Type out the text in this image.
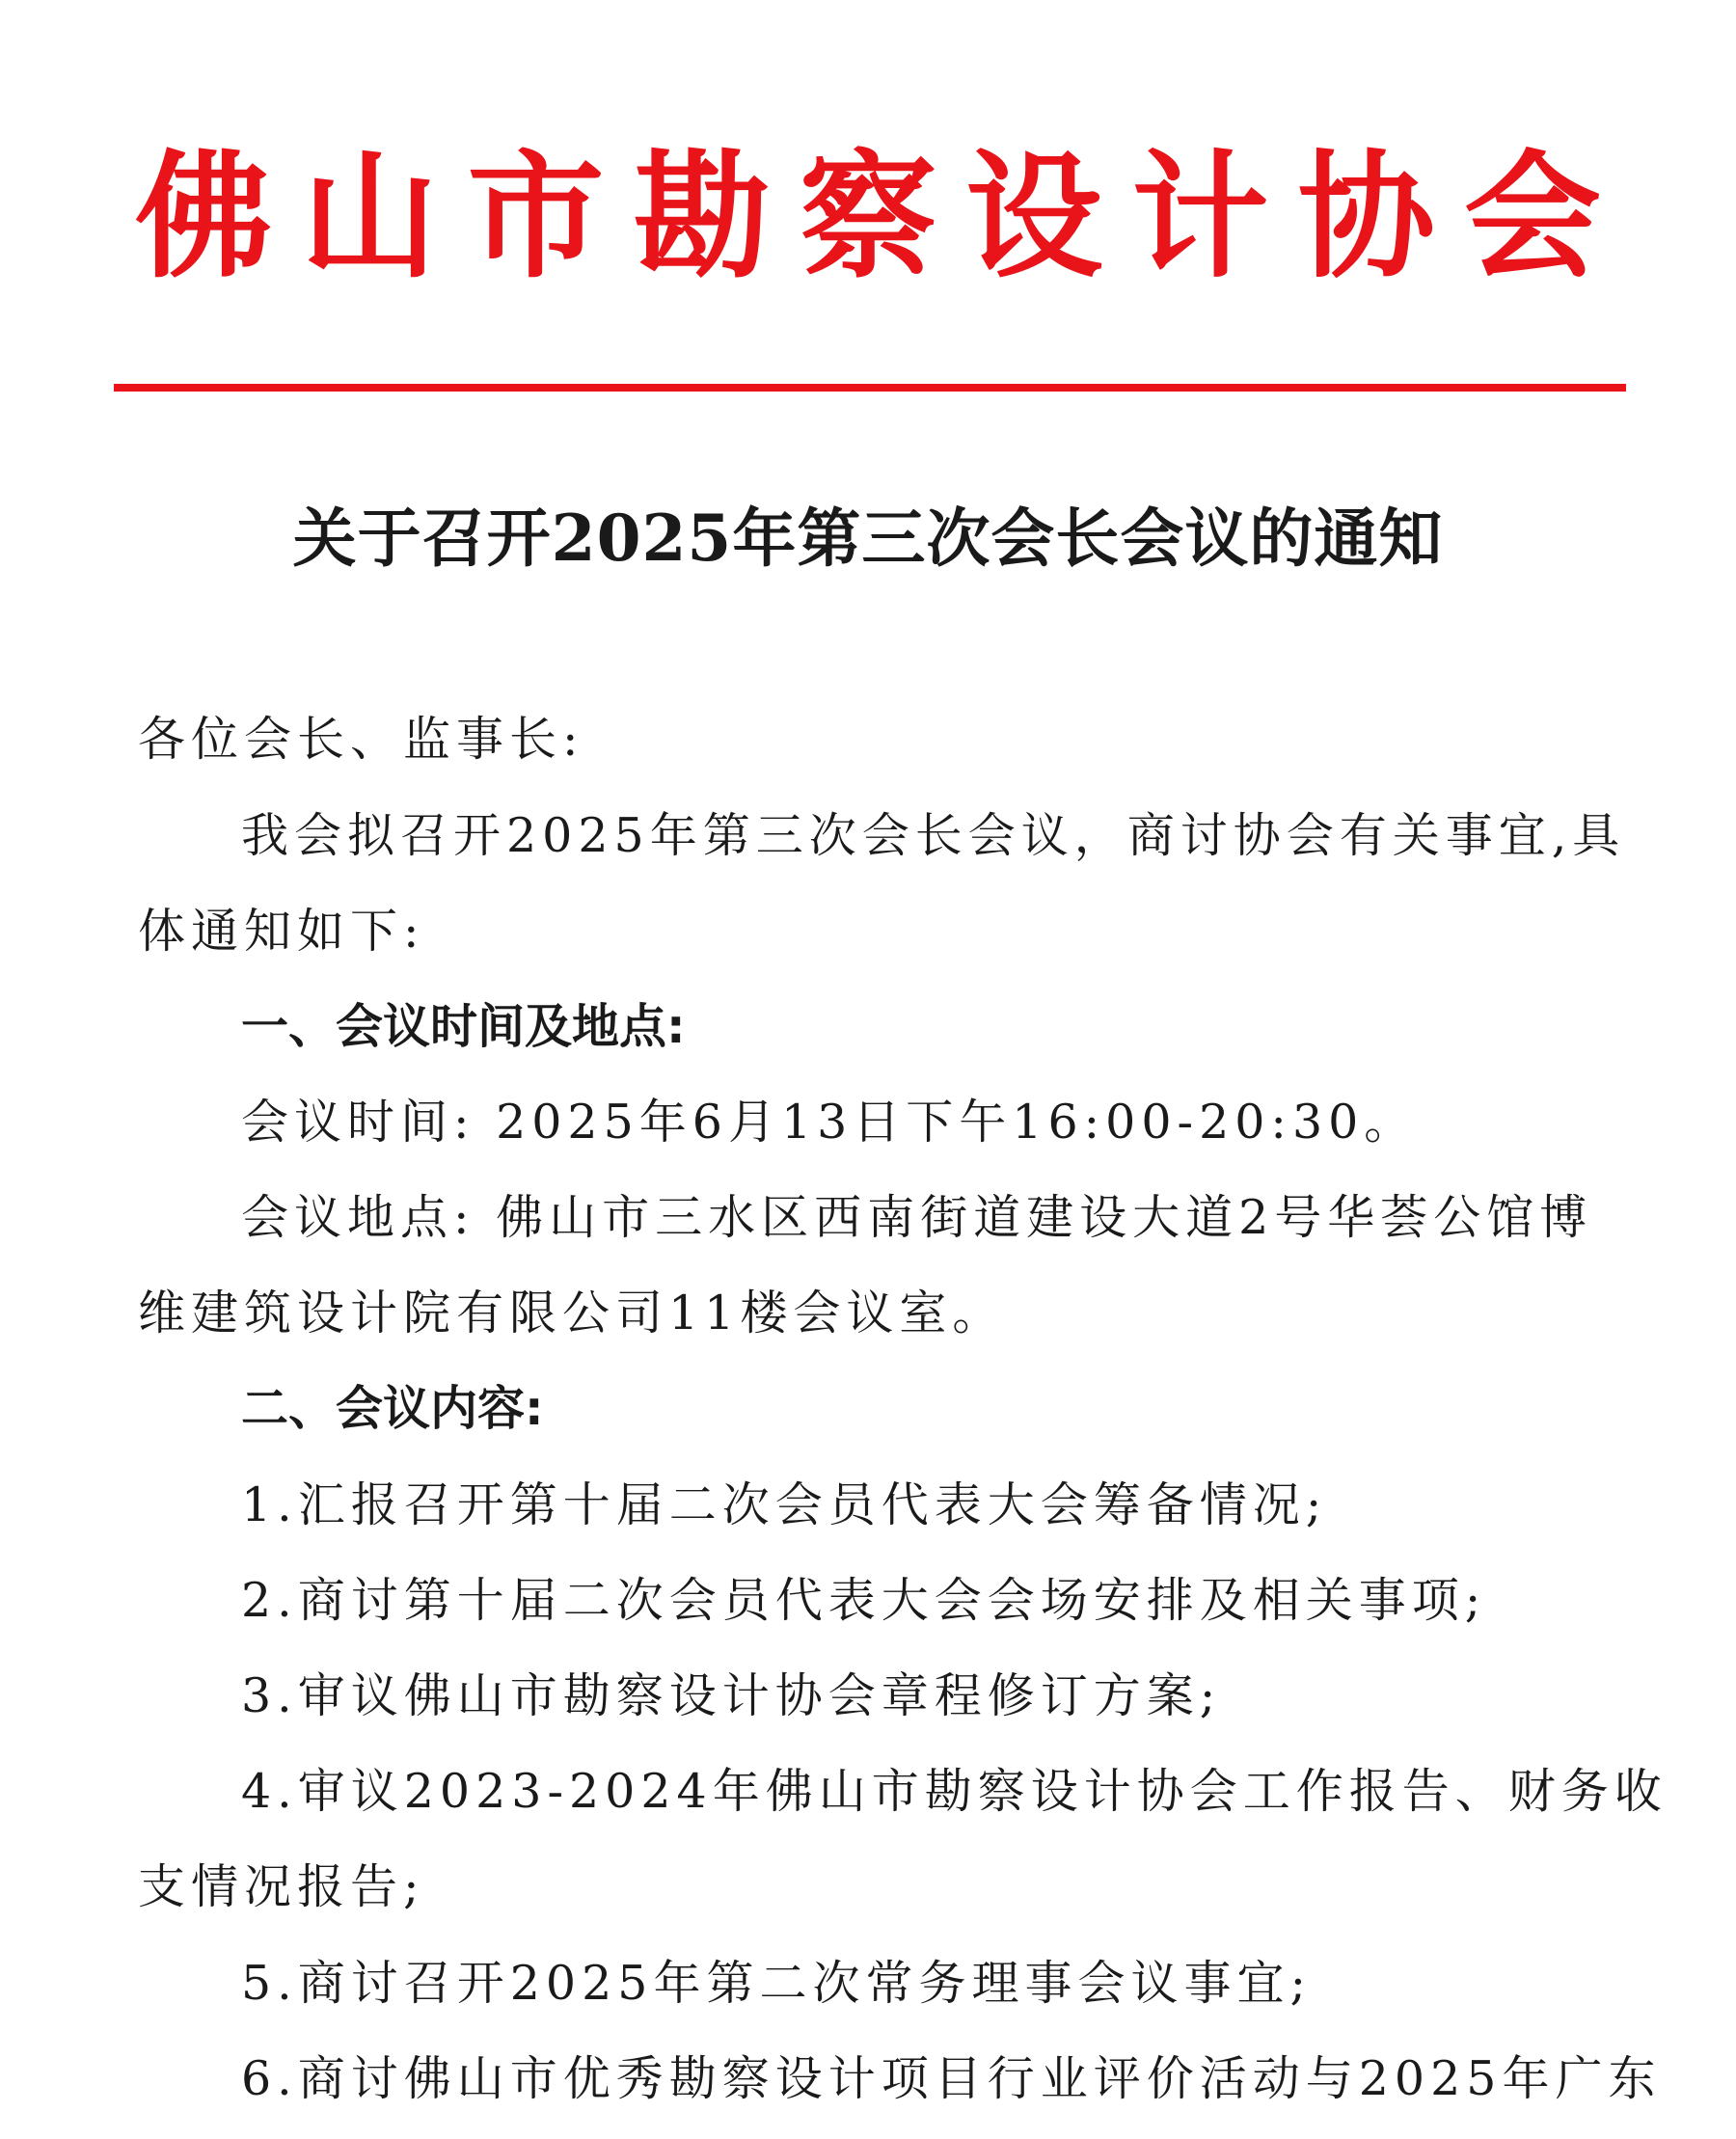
佛 山 市 勘 察 设 计 协 会
关于召开2025年第三次会长会议的通知
各位会长、监事长:
我会拟召开2025年第三次会长会议，商讨协会有关事宜,具
体通知如下:
一、会议时间及地点:
会议时间: 2025年6月13日下午16:00-20:30。
会议地点: 佛山市三水区西南街道建设大道2号华荟公馆博
维建筑设计院有限公司11楼会议室。
二、会议内容:
1.汇报召开第十届二次会员代表大会筹备情况;
2.商讨第十届二次会员代表大会会场安排及相关事项;
3.审议佛山市勘察设计协会章程修订方案;
4.审议2023-2024年佛山市勘察设计协会工作报告、财务收
支情况报告;
5.商讨召开2025年第二次常务理事会议事宜;
6.商讨佛山市优秀勘察设计项目行业评价活动与2025年广东
